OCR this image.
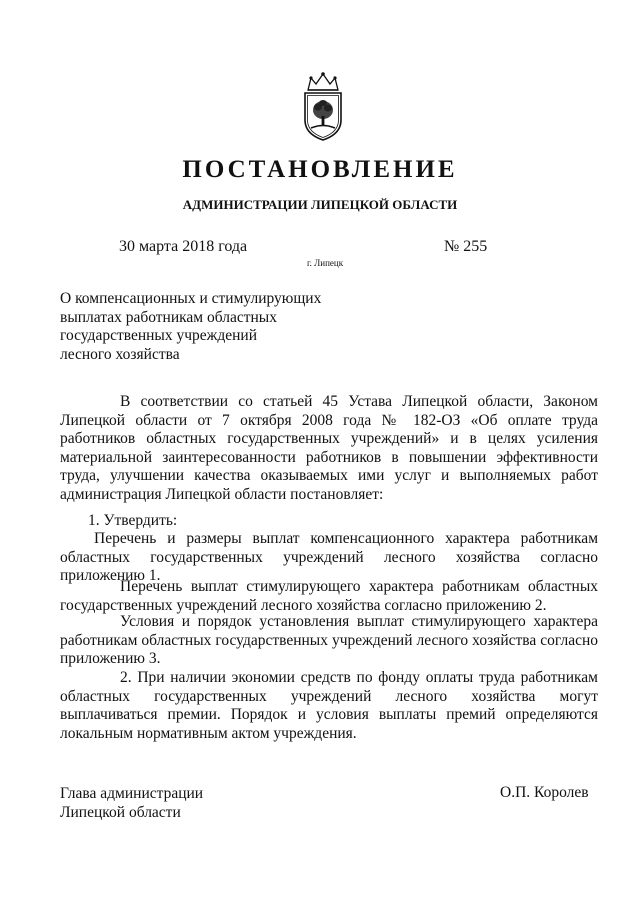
ПОСТАНОВЛЕНИЕ
АДМИНИСТРАЦИИ ЛИПЕЦКОЙ ОБЛАСТИ
30 марта 2018 года
г. Липецк
№ 255
О компенсационных и стимулирующих
выплатах работникам областных
государственных учреждений
лесного хозяйства
В соответствии со статьей 45 Устава Липецкой области, Законом Липецкой области от 7 октября 2008 года № 182-ОЗ «Об оплате труда работников областных государственных учреждений» и в целях усиления материальной заинтересованности работников в повышении эффективности труда, улучшении качества оказываемых ими услуг и выполняемых работ администрация Липецкой области постановляет:
1. Утвердить:
Перечень и размеры выплат компенсационного характера работникам областных государственных учреждений лесного хозяйства согласно приложению 1.
Перечень выплат стимулирующего характера работникам областных государственных учреждений лесного хозяйства согласно приложению 2.
Условия и порядок установления выплат стимулирующего характера работникам областных государственных учреждений лесного хозяйства согласно приложению 3.
2. При наличии экономии средств по фонду оплаты труда работникам областных государственных учреждений лесного хозяйства могут выплачиваться премии. Порядок и условия выплаты премий определяются локальным нормативным актом учреждения.
Глава администрации
Липецкой области
О.П. Королев
